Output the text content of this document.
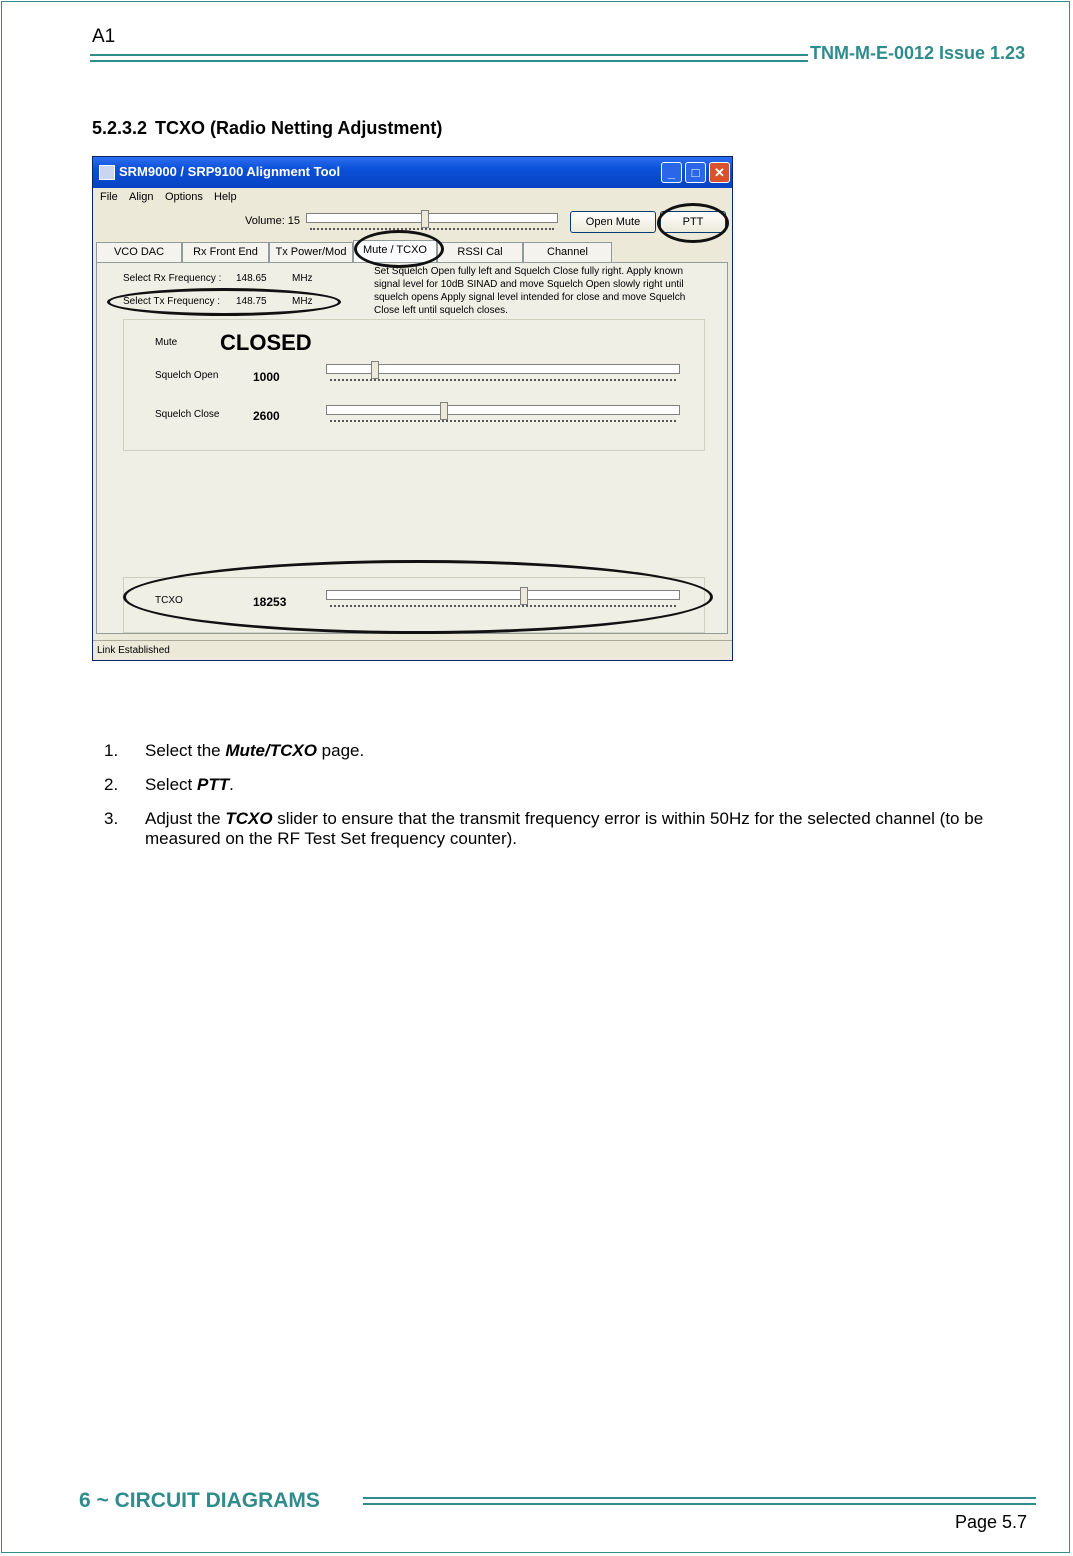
A1
TNM-M-E-0012 Issue 1.23
5.2.3.2 TCXO (Radio Netting Adjustment)
SRM9000 / SRP9100 Alignment Tool	_	□	✕
File Align Options Help
Volume: 15	Open Mute	PTT
VCO DAC	Rx Front End	Tx Power/Mod	Mute / TCXO	RSSI Cal	Channel
Select Rx Frequency : 148.65	MHz
Select Tx Frequency : 148.75	MHz
Set Squelch Open fully left and Squelch Close fully right. Apply known signal level for 10dB SINAD and move Squelch Open slowly right until squelch opens Apply signal level intended for close and move Squelch Close left until squelch closes.
Mute CLOSED
Squelch Open	1000
Squelch Close	2600
TCXO	18253
Link Established
1. Select the Mute/TCXO page.
2. Select PTT.
3. Adjust the TCXO slider to ensure that the transmit frequency error is within 50Hz for the selected channel (to be measured on the RF Test Set frequency counter).
6 ~ CIRCUIT DIAGRAMS
Page 5.7
